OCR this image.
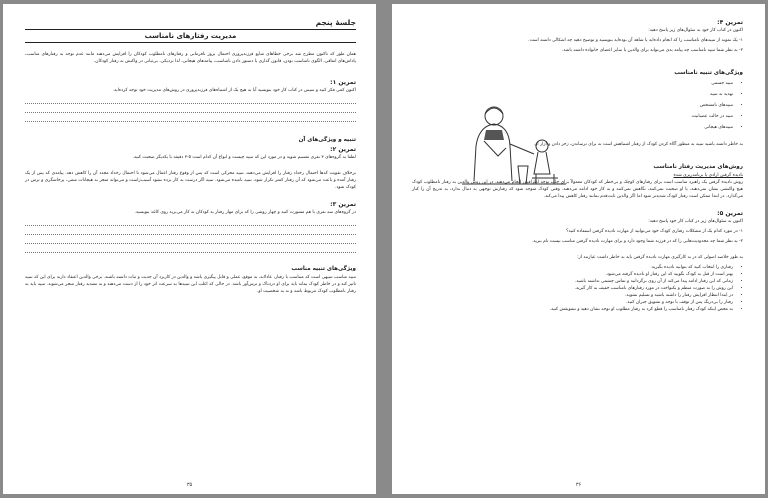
جلسۀ پنجم
مدیریت رفتارهای نامناسب

همان طور که تاکنون مطرح شد برخی خطاهای شایع فرزندپروری احتمال بروز نافرمانی و رفتارهای نامطلوب کودکان را افزایش می‌دهند مانند عدم توجه به رفتارهای مناسب، پاداش‌های اتفاقی، الگوی نامناسب بودن، قانون گذاری یا دستور دادن نامناسب، پیامدهای هیجانی، لذا نزدیکی، بی‌ثباتی در واکنش به رفتار کودکان.

تمرین ۱:

اکنون کمی فکر کنید و سپس در کتاب کار خود بنویسید آیا به هیچ یک از اشتباه‌های فرزندپروری در روش‌های مدیریت خود توجه کرده‌اید.

تنبیه و ویژگی‌های آن
تمرین ۲:

لطفا به گروه‌های ۳ نفری تقسیم شوید و در مورد این که تنبیه چیست و انواع آن کدام است ۵-۳ دقیقه با یکدیگر صحبت کنید.

برخلاف تقویت که‌ها احتمال رخداد رفتار را افزایش می‌دهند، تنبیه محرکی است که پس از وقوع رفتار اعمال می‌شود تا احتمال رخداد مجدد آن را کاهش دهد. پیامدی که پس از یک رفتار آمده و باعث می‌شود که آن رفتار کمتر تکرار شود، تنبیه نامیده می‌شود. تنبیه اگر درست به کار برده نشود آسیب‌زاست و می‌تواند منجر به هیجانات منفی، پرخاشگری و ترس در کودک شود.

تمرین ۳:

در گروه‌های سه نفری با هم مشورت کنید و چهار روشی را که برای مهار رفتار بد کودکان به کار می‌برید روی کاغذ بنویسید.

ویژگی‌های تنبیه مناسب

تنبیه مناسب تنبیهی است که متناسب با رفتار، عادلانه، به موقع، عملی و قابل پیگیری باشد و والدین در کاربرد آن جدیت و ثبات داشته باشند. برخی والدین اعتقاد دارند برای این که تنبیه تاثیر کند و در خاطر کودک بماند باید برای او دردناک و ترس‌آور باشد. در حالی که اغلب این تنبیه‌ها به سرعت اثر خود را از دست می‌دهند و به تشدید رفتار منجر می‌شوند. تنبیه باید به رفتار نامطلوب کودک مربوط باشد و نه به شخصیت او.

۳۵
تمرین ۴:

اکنون در کتاب کار خود به سئوال‌های زیر پاسخ دهید:

۱- یک نمونه از تنبیه‌های نامناسب را که انجام داده‌اید یا شاهد آن بوده‌اید بنویسید و توضیح دهید چه اشکالی داشته است.

۲- به نظر شما تنبیه نامناسب چه پیامد بدی می‌تواند برای والدین یا سایر اعضای خانواده داشته باشد.

ویژگی‌های تنبیه نامناسب
• تنبیه جسمی
• تهدید به تنبیه
• تنبیه‌های نامشخص
• تنبیه در حالت عصبانیت
• تنبیه‌های هیجانی

به خاطر داشته باشید تنبیه به منظور آگاه کردن کودک از رفتار اشتباهش است نه برای ترساندن، زجر دادن و آزار او.

روش‌های مدیریت رفتار نامناسب
نادیده گرفتن ارادی یا برنامه‌ریزی شده

روش نادیده گرفتن یک راهبرد مناسب است برای رفتارهای کوچک و بی‌خطر که کودکان معمولاً برای جلب توجه اطرافیان انجام می‌دهند. در این روش والدین به رفتار نامطلوب کودک هیچ واکنشی نشان نمی‌دهند، با او صحبت نمی‌کنند، نگاهش نمی‌کنند و به کار خود ادامه می‌دهند. وقتی کودک متوجه شود که رفتارش توجهی به دنبال ندارد، به تدریج آن را کنار می‌گذارد. در ابتدا ممکن است رفتار کودک شدیدتر شود اما اگر والدین ثابت‌قدم بمانند رفتار کاهش پیدا می‌کند.

تمرین ۵:

اکنون به سئوال‌های زیر در کتاب کار خود پاسخ دهید:

۱- در مورد کدام یک از مشکلات رفتاری کودک خود می‌توانید از مهارت نادیده گرفتن استفاده کنید؟

۲- به نظر شما چه محدودیت‌هایی را که در فرزند شما وجود دارد و برای مهارت نادیده گرفتن مناسب نیست نام ببرید.

به طور خلاصه اصولی که در به کارگیری مهارت نادیده گرفتن باید به خاطر داشت عبارتند از:

• رفتاری را انتخاب کنید که بتوانید نادیده بگیرید.
• بهتر است از قبل به کودک بگویید که این رفتار او نادیده گرفته می‌شود.
• زمانی که این رفتار ادامه پیدا می‌کند از آن روی برگردانید و تماس چشمی نداشته باشید.
• این روش را به صورت منظم و یکنواخت در مورد رفتارهای نامناسب خفیف به کار گیرید.
• در ابتدا انتظار افزایش رفتار را داشته باشید و تسلیم نشوید.
• رفتار را بی‌درنگ پس از توقف با توجه و تشویق جبران کنید.
• به محض اینکه کودک رفتار نامناسب را قطع کرد به رفتار مطلوب او توجه نشان دهید و تشویقش کنید.
۳۶
